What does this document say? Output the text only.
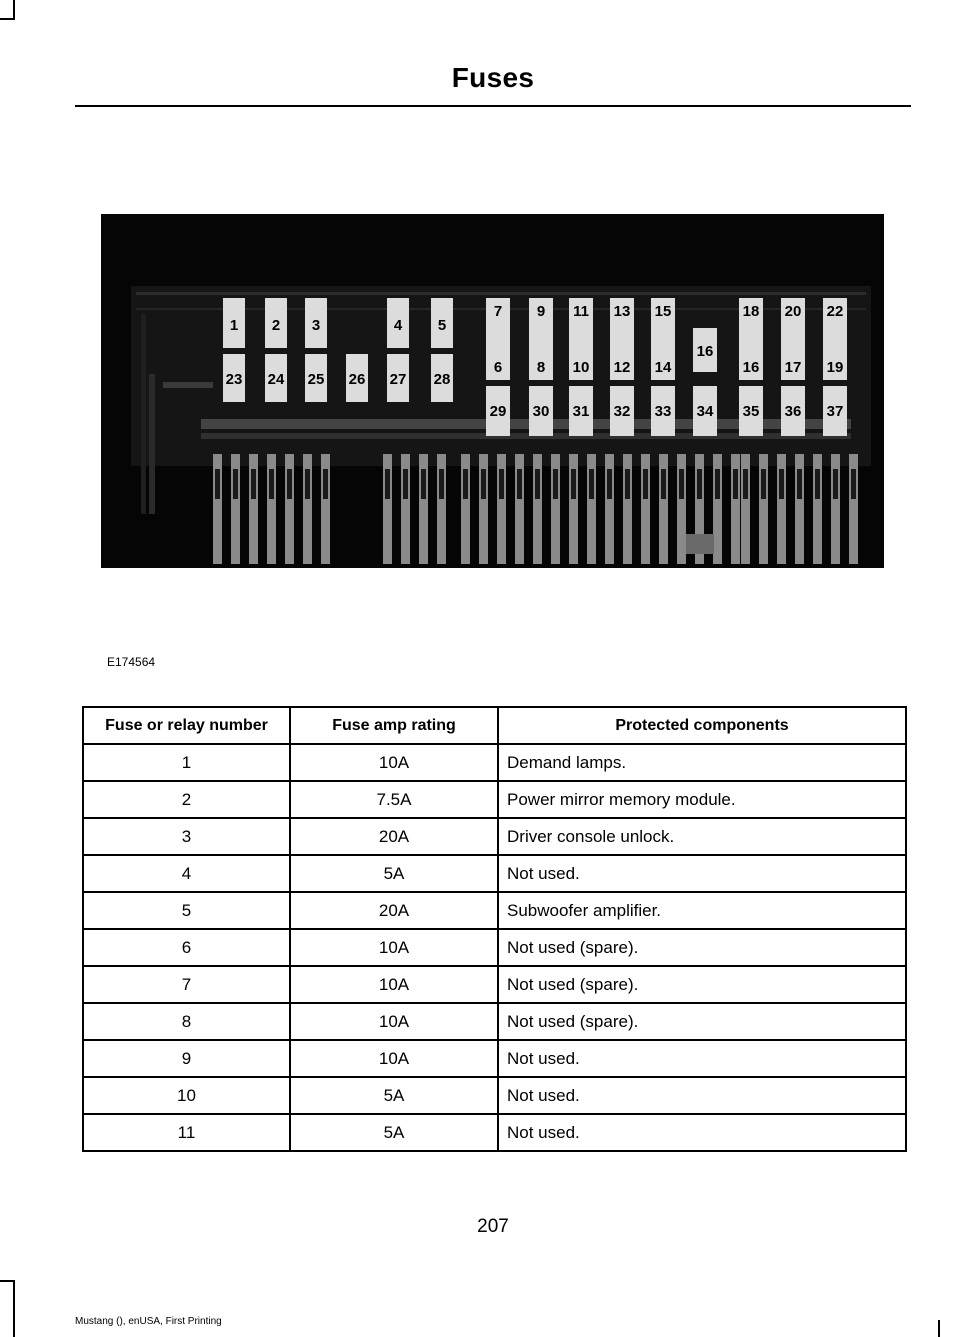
Fuses
1
23
2
24
3
25 26
4
27
5
28
7
6
29
9
8
30
11
10
31
13
12
32
15
14
33
16
34
18
16
35
20
17
36
22
19
37
E174564
Fuse or relay number	Fuse amp rating	Protected components
1	10A	Demand lamps.
2	7.5A	Power mirror memory module.
3	20A	Driver console unlock.
4	5A	Not used.
5	20A	Subwoofer amplifier.
6	10A	Not used (spare).
7	10A	Not used (spare).
8	10A	Not used (spare).
9	10A	Not used.
10	5A	Not used.
11	5A	Not used.
207
Mustang (), enUSA, First Printing
